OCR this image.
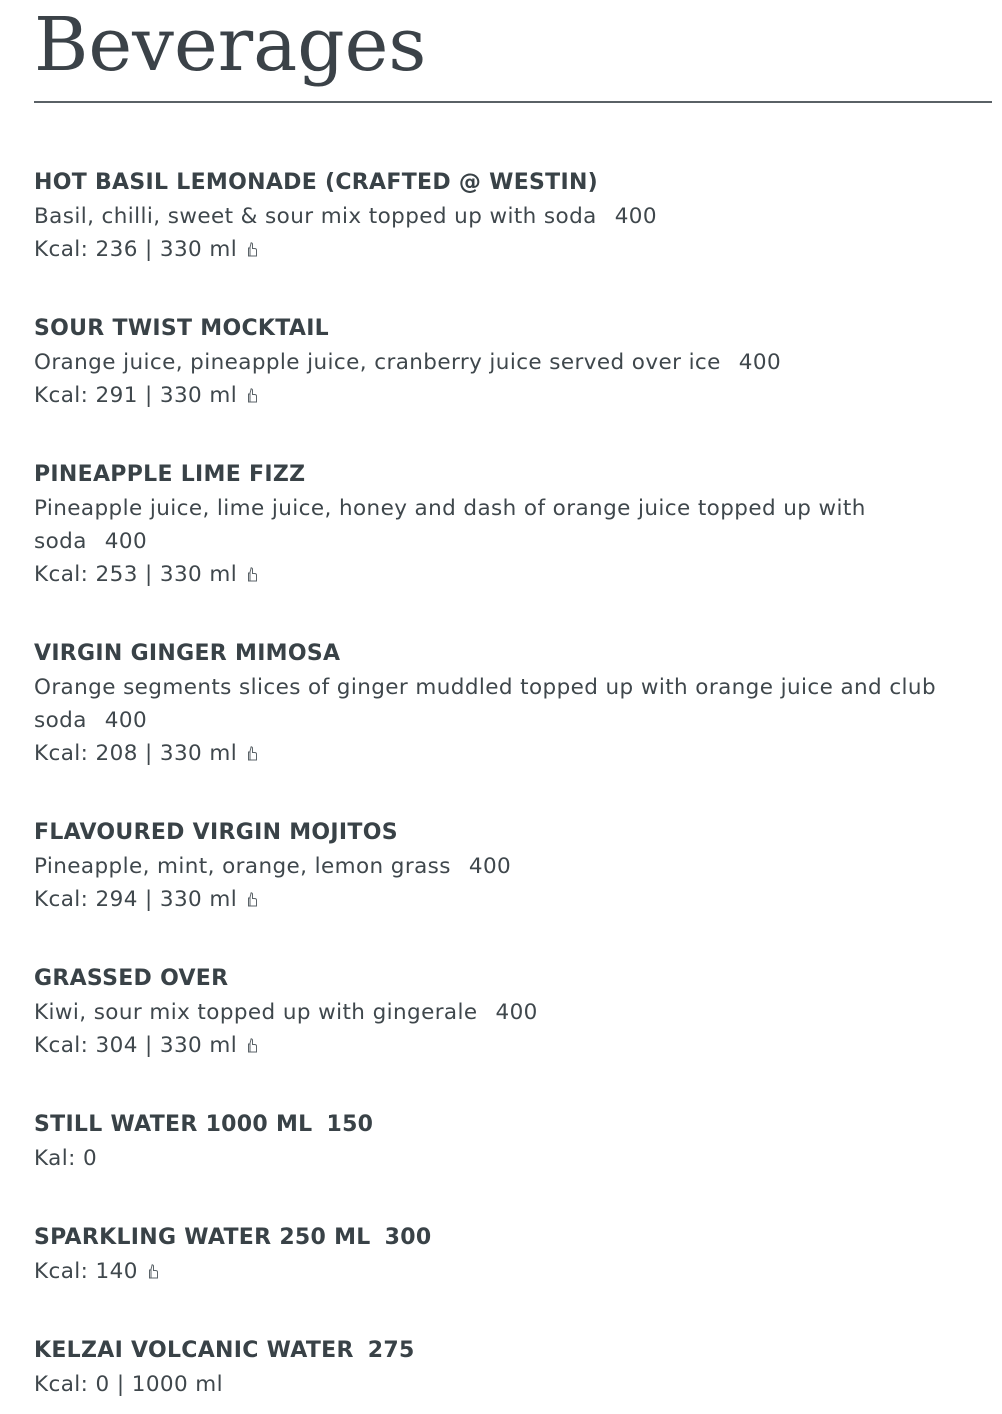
Beverages
HOT BASIL LEMONADE (CRAFTED @ WESTIN)
Basil, chilli, sweet & sour mix topped up with soda 400
Kcal: 236 | 330 ml
SOUR TWIST MOCKTAIL
Orange juice, pineapple juice, cranberry juice served over ice 400
Kcal: 291 | 330 ml
PINEAPPLE LIME FIZZ
Pineapple juice, lime juice, honey and dash of orange juice topped up with soda 400
Kcal: 253 | 330 ml
VIRGIN GINGER MIMOSA
Orange segments slices of ginger muddled topped up with orange juice and club soda 400
Kcal: 208 | 330 ml
FLAVOURED VIRGIN MOJITOS
Pineapple, mint, orange, lemon grass 400
Kcal: 294 | 330 ml
GRASSED OVER
Kiwi, sour mix topped up with gingerale 400
Kcal: 304 | 330 ml
STILL WATER 1000 ML 150
Kal: 0
SPARKLING WATER 250 ML 300
Kcal: 140
KELZAI VOLCANIC WATER 275
Kcal: 0 | 1000 ml
